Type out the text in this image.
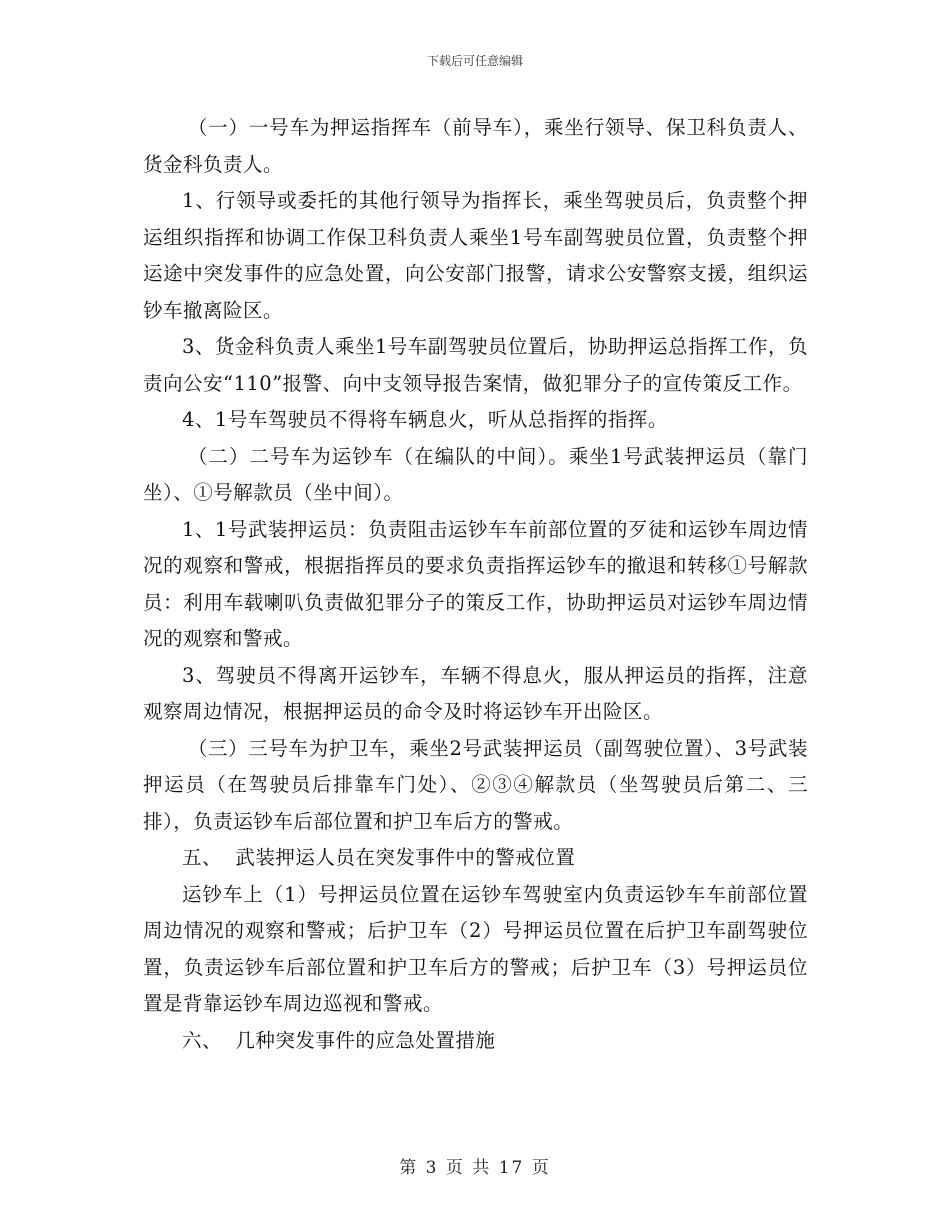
下载后可任意编辑

（一）一号车为押运指挥车（前导车），乘坐行领导、保卫科负责人、货金科负责人。

1、行领导或委托的其他行领导为指挥长，乘坐驾驶员后，负责整个押运组织指挥和协调工作保卫科负责人乘坐1号车副驾驶员位置，负责整个押运途中突发事件的应急处置，向公安部门报警，请求公安警察支援，组织运钞车撤离险区。

3、货金科负责人乘坐1号车副驾驶员位置后，协助押运总指挥工作，负责向公安“110”报警、向中支领导报告案情，做犯罪分子的宣传策反工作。

4、1号车驾驶员不得将车辆息火，听从总指挥的指挥。

（二）二号车为运钞车（在编队的中间）。乘坐1号武装押运员（靠门坐）、①号解款员（坐中间）。

1、1号武装押运员：负责阻击运钞车车前部位置的歹徒和运钞车周边情况的观察和警戒，根据指挥员的要求负责指挥运钞车的撤退和转移①号解款员：利用车载喇叭负责做犯罪分子的策反工作，协助押运员对运钞车周边情况的观察和警戒。

3、驾驶员不得离开运钞车，车辆不得息火，服从押运员的指挥，注意观察周边情况，根据押运员的命令及时将运钞车开出险区。

（三）三号车为护卫车，乘坐2号武装押运员（副驾驶位置）、3号武装押运员（在驾驶员后排靠车门处）、②③④解款员（坐驾驶员后第二、三排），负责运钞车后部位置和护卫车后方的警戒。

五、  武装押运人员在突发事件中的警戒位置

运钞车上（1）号押运员位置在运钞车驾驶室内负责运钞车车前部位置周边情况的观察和警戒；后护卫车（2）号押运员位置在后护卫车副驾驶位置，负责运钞车后部位置和护卫车后方的警戒；后护卫车（3）号押运员位置是背靠运钞车周边巡视和警戒。

六、  几种突发事件的应急处置措施

第 3 页 共 17 页
